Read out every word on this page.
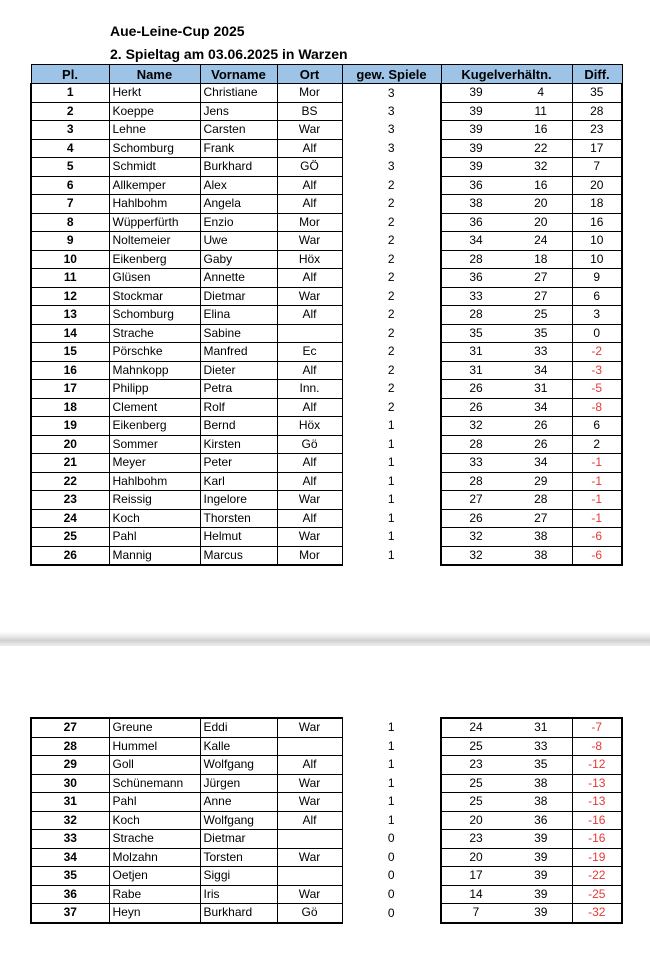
Aue-Leine-Cup 2025
2. Spieltag am 03.06.2025 in Warzen
Pl.	Name	Vorname	Ort	gew. Spiele	Kugelverhältn.		Diff.
1	Herkt	Christiane	Mor	3	39	4	35
2	Koeppe	Jens	BS	3	39	11	28
3	Lehne	Carsten	War	3	39	16	23
4	Schomburg	Frank	Alf	3	39	22	17
5	Schmidt	Burkhard	GÖ	3	39	32	7
6	Allkemper	Alex	Alf	2	36	16	20
7	Hahlbohm	Angela	Alf	2	38	20	18
8	Wüpperfürth	Enzio	Mor	2	36	20	16
9	Noltemeier	Uwe	War	2	34	24	10
10	Eikenberg	Gaby	Höx	2	28	18	10
11	Glüsen	Annette	Alf	2	36	27	9
12	Stockmar	Dietmar	War	2	33	27	6
13	Schomburg	Elina	Alf	2	28	25	3
14	Strache	Sabine		2	35	35	0
15	Pörschke	Manfred	Ec	2	31	33	-2
16	Mahnkopp	Dieter	Alf	2	31	34	-3
17	Philipp	Petra	Inn.	2	26	31	-5
18	Clement	Rolf	Alf	2	26	34	-8
19	Eikenberg	Bernd	Höx	1	32	26	6
20	Sommer	Kirsten	Gö	1	28	26	2
21	Meyer	Peter	Alf	1	33	34	-1
22	Hahlbohm	Karl	Alf	1	28	29	-1
23	Reissig	Ingelore	War	1	27	28	-1
24	Koch	Thorsten	Alf	1	26	27	-1
25	Pahl	Helmut	War	1	32	38	-6
26	Mannig	Marcus	Mor	1	32	38	-6
27	Greune	Eddi	War	1	24	31	-7
28	Hummel	Kalle		1	25	33	-8
29	Goll	Wolfgang	Alf	1	23	35	-12
30	Schünemann	Jürgen	War	1	25	38	-13
31	Pahl	Anne	War	1	25	38	-13
32	Koch	Wolfgang	Alf	1	20	36	-16
33	Strache	Dietmar		0	23	39	-16
34	Molzahn	Torsten	War	0	20	39	-19
35	Oetjen	Siggi		0	17	39	-22
36	Rabe	Iris	War	0	14	39	-25
37	Heyn	Burkhard	Gö	0	7	39	-32
